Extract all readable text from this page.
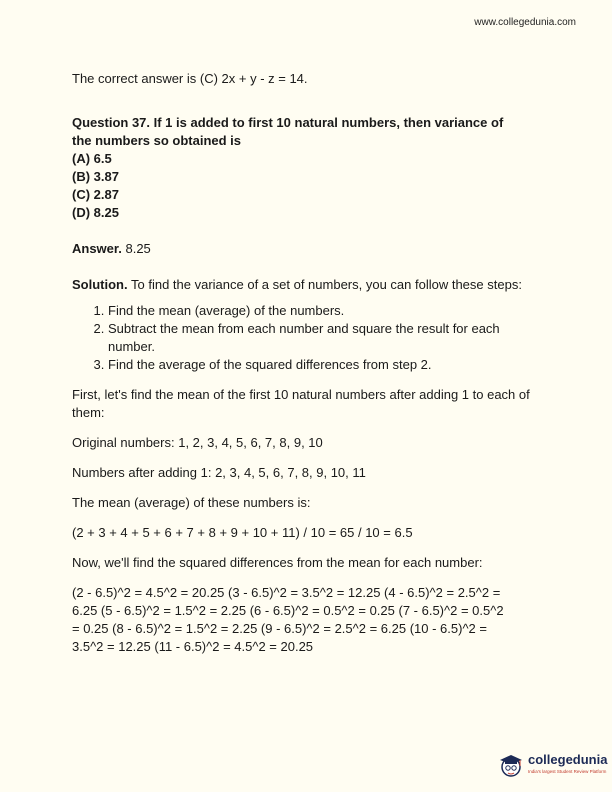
www.collegedunia.com

The correct answer is (C) 2x + y - z = 14.

Question 37. If 1 is added to first 10 natural numbers, then variance of

the numbers so obtained is

(A) 6.5

(B) 3.87

(C) 2.87

(D) 8.25

Answer. 8.25

Solution. To find the variance of a set of numbers, you can follow these steps:

1. Find the mean (average) of the numbers.
2. Subtract the mean from each number and square the result for each number.
3. Find the average of the squared differences from step 2.

First, let's find the mean of the first 10 natural numbers after adding 1 to each of them:

Original numbers: 1, 2, 3, 4, 5, 6, 7, 8, 9, 10

Numbers after adding 1: 2, 3, 4, 5, 6, 7, 8, 9, 10, 11

The mean (average) of these numbers is:

(2 + 3 + 4 + 5 + 6 + 7 + 8 + 9 + 10 + 11) / 10 = 65 / 10 = 6.5

Now, we'll find the squared differences from the mean for each number:

(2 - 6.5)^2 = 4.5^2 = 20.25 (3 - 6.5)^2 = 3.5^2 = 12.25 (4 - 6.5)^2 = 2.5^2 =

6.25 (5 - 6.5)^2 = 1.5^2 = 2.25 (6 - 6.5)^2 = 0.5^2 = 0.25 (7 - 6.5)^2 = 0.5^2

= 0.25 (8 - 6.5)^2 = 1.5^2 = 2.25 (9 - 6.5)^2 = 2.5^2 = 6.25 (10 - 6.5)^2 =

3.5^2 = 12.25 (11 - 6.5)^2 = 4.5^2 = 20.25

collegedunia
India's largest Student Review Platform
